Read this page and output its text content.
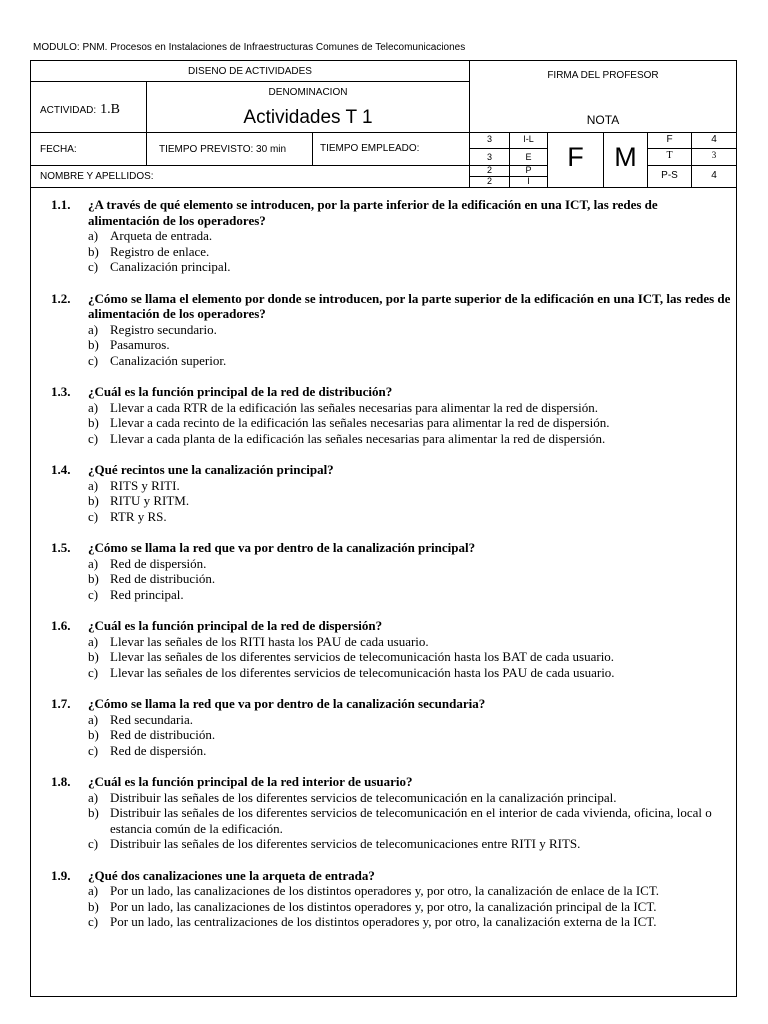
MODULO: PNM. Procesos en Instalaciones de Infraestructuras Comunes de Telecomunicaciones
DISENO DE ACTIVIDADES	FIRMA DEL PROFESOR
DENOMINACION
ACTIVIDAD: 1.B	Actividades T 1	NOTA
FECHA:	TIEMPO PREVISTO: 30 min	TIEMPO EMPLEADO:
NOMBRE Y APELLIDOS:
3	I-L
3	E
2	P
2	I
F	M
F	4
T	3
P-S	4
1.1.	¿A través de qué elemento se introducen, por la parte inferior de la edificación en una ICT, las redes de alimentación de los operadores?
a) Arqueta de entrada.
b) Registro de enlace.
c) Canalización principal.
1.2.	¿Cómo se llama el elemento por donde se introducen, por la parte superior de la edificación en una ICT, las redes de alimentación de los operadores?
a) Registro secundario.
b) Pasamuros.
c) Canalización superior.
1.3.	¿Cuál es la función principal de la red de distribución?
a) Llevar a cada RTR de la edificación las señales necesarias para alimentar la red de dispersión.
b) Llevar a cada recinto de la edificación las señales necesarias para alimentar la red de dispersión.
c) Llevar a cada planta de la edificación las señales necesarias para alimentar la red de dispersión.
1.4.	¿Qué recintos une la canalización principal?
a) RITS y RITI.
b) RITU y RITM.
c) RTR y RS.
1.5.	¿Cómo se llama la red que va por dentro de la canalización principal?
a) Red de dispersión.
b) Red de distribución.
c) Red principal.
1.6.	¿Cuál es la función principal de la red de dispersión?
a) Llevar las señales de los RITI hasta los PAU de cada usuario.
b) Llevar las señales de los diferentes servicios de telecomunicación hasta los BAT de cada usuario.
c) Llevar las señales de los diferentes servicios de telecomunicación hasta los PAU de cada usuario.
1.7.	¿Cómo se llama la red que va por dentro de la canalización secundaria?
a) Red secundaria.
b) Red de distribución.
c) Red de dispersión.
1.8.	¿Cuál es la función principal de la red interior de usuario?
a) Distribuir las señales de los diferentes servicios de telecomunicación en la canalización principal.
b) Distribuir las señales de los diferentes servicios de telecomunicación en el interior de cada vivienda, oficina, local o estancia común de la edificación.
c) Distribuir las señales de los diferentes servicios de telecomunicaciones entre RITI y RITS.
1.9.	¿Qué dos canalizaciones une la arqueta de entrada?
a) Por un lado, las canalizaciones de los distintos operadores y, por otro, la canalización de enlace de la ICT.
b) Por un lado, las canalizaciones de los distintos operadores y, por otro, la canalización principal de la ICT.
c) Por un lado, las centralizaciones de los distintos operadores y, por otro, la canalización externa de la ICT.
